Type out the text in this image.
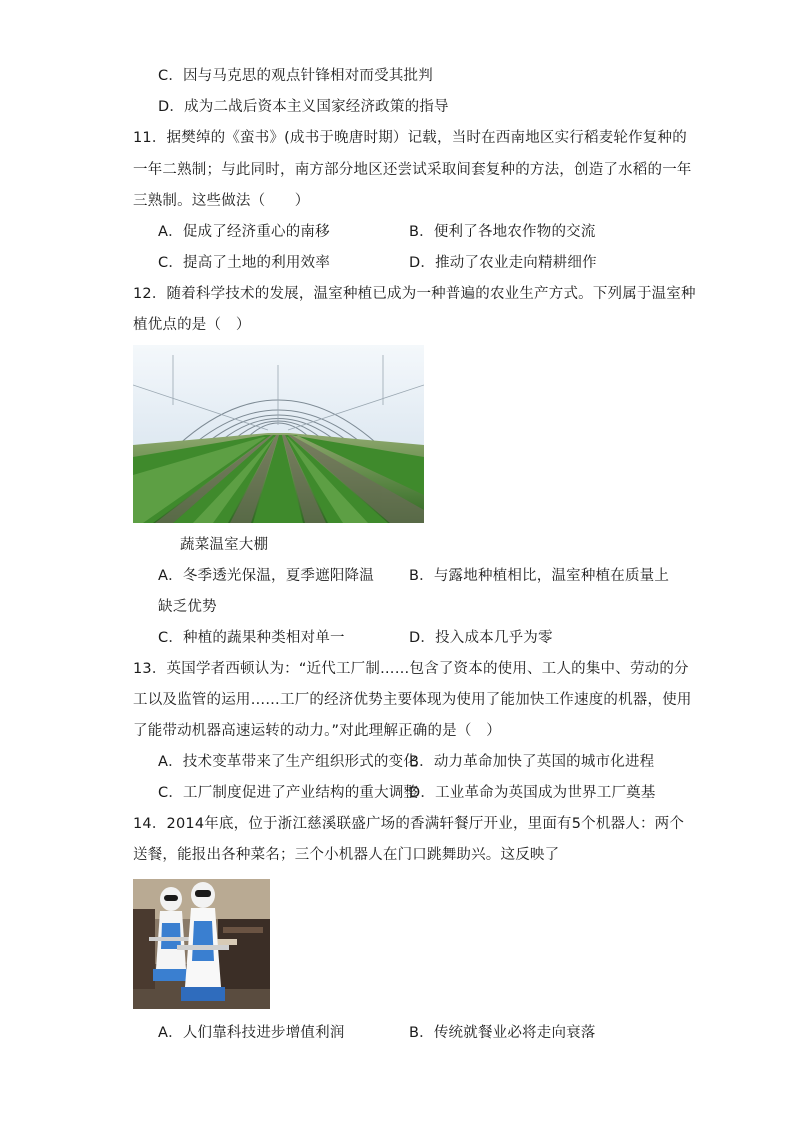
C．因与马克思的观点针锋相对而受其批判
D．成为二战后资本主义国家经济政策的指导
11．据樊绰的《蛮书》(成书于晚唐时期）记载，当时在西南地区实行稻麦轮作复种的
一年二熟制；与此同时，南方部分地区还尝试采取间套复种的方法，创造了水稻的一年
三熟制。这些做法（　　）
A．促成了经济重心的南移	B．便利了各地农作物的交流
C．提高了土地的利用效率	D．推动了农业走向精耕细作
12．随着科学技术的发展，温室种植已成为一种普遍的农业生产方式。下列属于温室种
植优点的是（　）
蔬菜温室大棚
A．冬季透光保温，夏季遮阳降温 B．与露地种植相比，温室种植在质量上
缺乏优势
C．种植的蔬果种类相对单一	D．投入成本几乎为零
13．英国学者西顿认为：“近代工厂制……包含了资本的使用、工人的集中、劳动的分
工以及监管的运用……工厂的经济优势主要体现为使用了能加快工作速度的机器，使用
了能带动机器高速运转的动力。”对此理解正确的是（　）
A．技术变革带来了生产组织形式的变化
B．动力革命加快了英国的城市化进程
C．工厂制度促进了产业结构的重大调整
D．工业革命为英国成为世界工厂奠基
14．2014年底，位于浙江慈溪联盛广场的香满轩餐厅开业，里面有5个机器人：两个
送餐，能报出各种菜名；三个小机器人在门口跳舞助兴。这反映了
A．人们靠科技进步增值利润	B．传统就餐业必将走向衰落
